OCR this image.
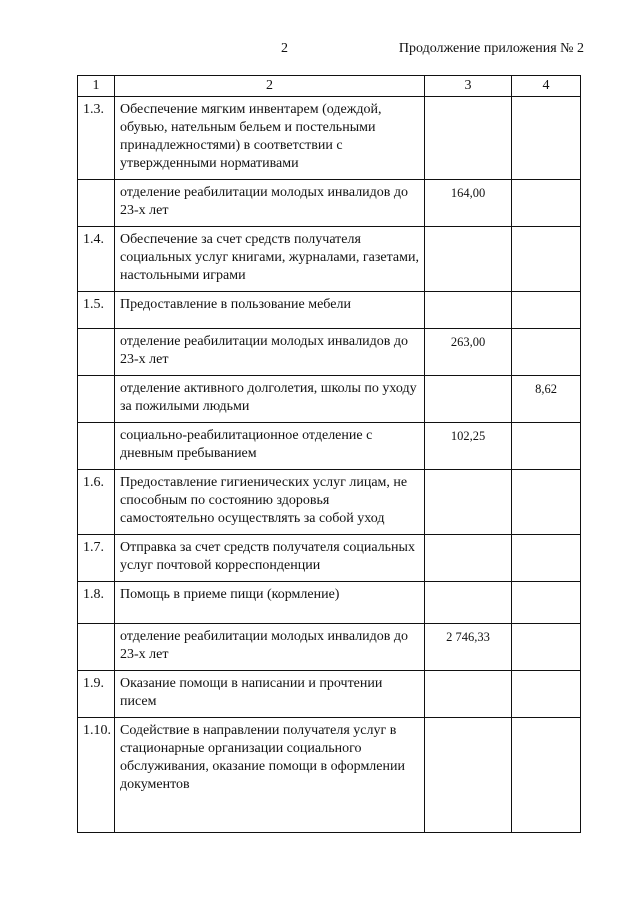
2	Продолжение приложения № 2
1	2	3	4
1.3.	Обеспечение мягким инвентарем (одеждой, обувью, нательным бельем и постельными принадлежностями) в соответствии с утвержденными нормативами		
	отделение реабилитации молодых инвалидов до 23-х лет	164,00	
1.4.	Обеспечение за счет средств получателя социальных услуг книгами, журналами, газетами, настольными играми		
1.5.	Предоставление в пользование мебели		
	отделение реабилитации молодых инвалидов до 23-х лет	263,00	
	отделение активного долголетия, школы по уходу за пожилыми людьми		8,62
	социально-реабилитационное отделение с дневным пребыванием	102,25	
1.6.	Предоставление гигиенических услуг лицам, не способным по состоянию здоровья самостоятельно осуществлять за собой уход		
1.7.	Отправка за счет средств получателя социальных услуг почтовой корреспонденции		
1.8.	Помощь в приеме пищи (кормление)		
	отделение реабилитации молодых инвалидов до 23-х лет	2 746,33	
1.9.	Оказание помощи в написании и прочтении писем		
1.10.	Содействие в направлении получателя услуг в стационарные организации социального обслуживания, оказание помощи в оформлении документов		
